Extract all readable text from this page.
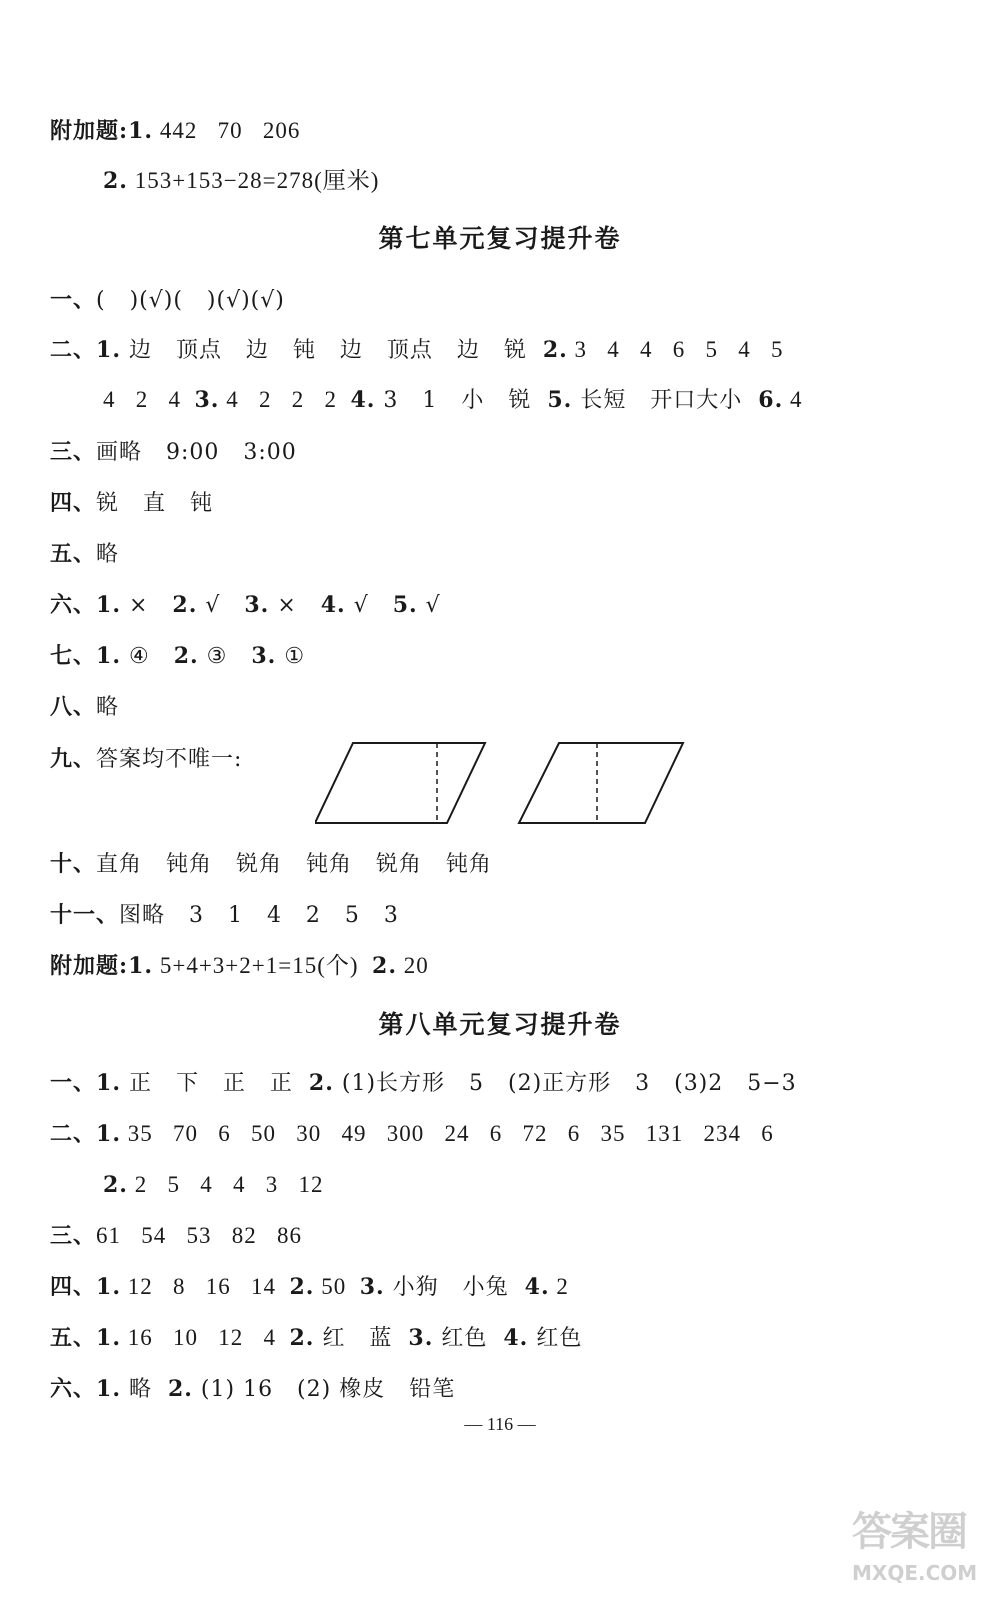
附加题:1. 442   70   206
2. 153+153−28=278(厘米)
第七单元复习提升卷
一、(   )(√)(   )(√)(√)
二、1. 边   顶点   边   钝   边   顶点   边   锐  2. 3   4   4   6   5   4   5
4   2   4  3. 4   2   2   2  4. 3   1   小   锐  5. 长短   开口大小  6. 4
三、画略   9:00   3:00
四、锐   直   钝
五、略
六、1. ×   2. √   3. ×   4. √   5. √
七、1. ④   2. ③   3. ①
八、略
九、答案均不唯一:
十、直角   钝角   锐角   钝角   锐角   钝角
十一、图略   3   1   4   2   5   3
附加题:1. 5+4+3+2+1=15(个)  2. 20
第八单元复习提升卷
一、1. 正   下   正   正  2. (1)长方形   5   (2)正方形   3   (3)2   5−3
二、1. 35   70   6   50   30   49   300   24   6   72   6   35   131   234   6
2. 2   5   4   4   3   12
三、61   54   53   82   86
四、1. 12   8   16   14  2. 50  3. 小狗   小兔  4. 2
五、1. 16   10   12   4  2. 红   蓝  3. 红色  4. 红色
六、1. 略  2. (1) 16   (2) 橡皮   铅笔
— 116 —
答案圈
MXQE.COM
